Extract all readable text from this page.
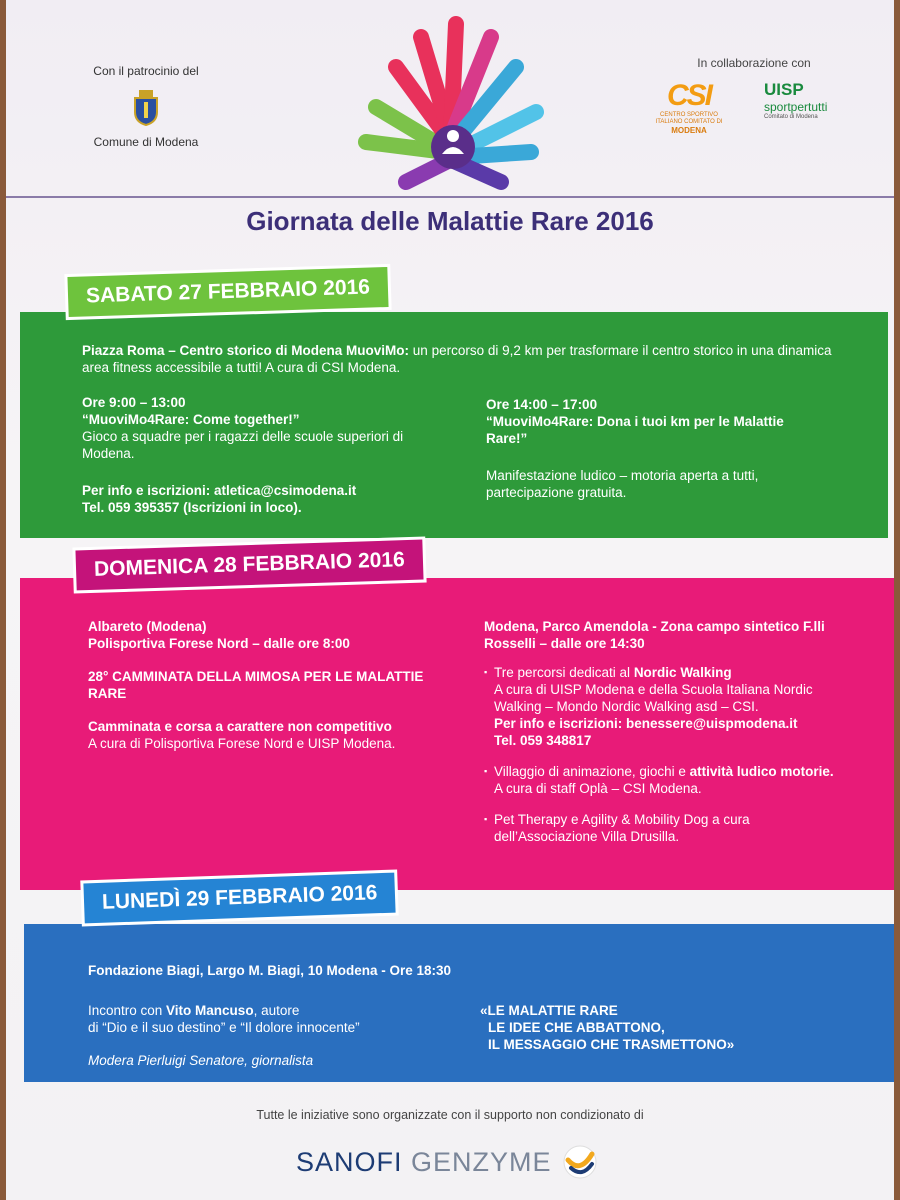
Con il patrocinio del
Comune di Modena
In collaborazione con
CSI
CENTRO SPORTIVO ITALIANO COMITATO DI
MODENA
UISP
sportpertutti
Comitato di Modena
Giornata delle Malattie Rare 2016
Piazza Roma – Centro storico di Modena MuoviMo: un percorso di 9,2 km per trasformare il centro storico in una dinamica area fitness accessibile a tutti! A cura di CSI Modena.
Ore 9:00 – 13:00
“MuoviMo4Rare: Come together!”
Gioco a squadre per i ragazzi delle scuole superiori di Modena.
Per info e iscrizioni: atletica@csimodena.it
Tel. 059 395357 (Iscrizioni in loco).
Ore 14:00 – 17:00
“MuoviMo4Rare: Dona i tuoi km per le Malattie Rare!”
Manifestazione ludico – motoria aperta a tutti, partecipazione gratuita.
SABATO 27 FEBBRAIO 2016
Albareto (Modena)
Polisportiva Forese Nord – dalle ore 8:00
28° CAMMINATA DELLA MIMOSA PER LE MALATTIE RARE
Camminata e corsa a carattere non competitivo
A cura di Polisportiva Forese Nord e UISP Modena.
Modena, Parco Amendola - Zona campo sintetico F.lli Rosselli – dalle ore 14:30
▪ Tre percorsi dedicati al Nordic Walking
A cura di UISP Modena e della Scuola Italiana Nordic Walking – Mondo Nordic Walking asd – CSI.
Per info e iscrizioni: benessere@uispmodena.it
Tel. 059 348817
▪ Villaggio di animazione, giochi e attività ludico motorie. A cura di staff Oplà – CSI Modena.
▪ Pet Therapy e Agility & Mobility Dog a cura dell’Associazione Villa Drusilla.
DOMENICA 28 FEBBRAIO 2016
Fondazione Biagi, Largo M. Biagi, 10 Modena - Ore 18:30
Incontro con Vito Mancuso, autore
di “Dio e il suo destino” e “Il dolore innocente”
Modera Pierluigi Senatore, giornalista
«LE MALATTIE RARE
LE IDEE CHE ABBATTONO,
IL MESSAGGIO CHE TRASMETTONO»
LUNEDÌ 29 FEBBRAIO 2016
Tutte le iniziative sono organizzate con il supporto non condizionato di
SANOFI GENZYME
